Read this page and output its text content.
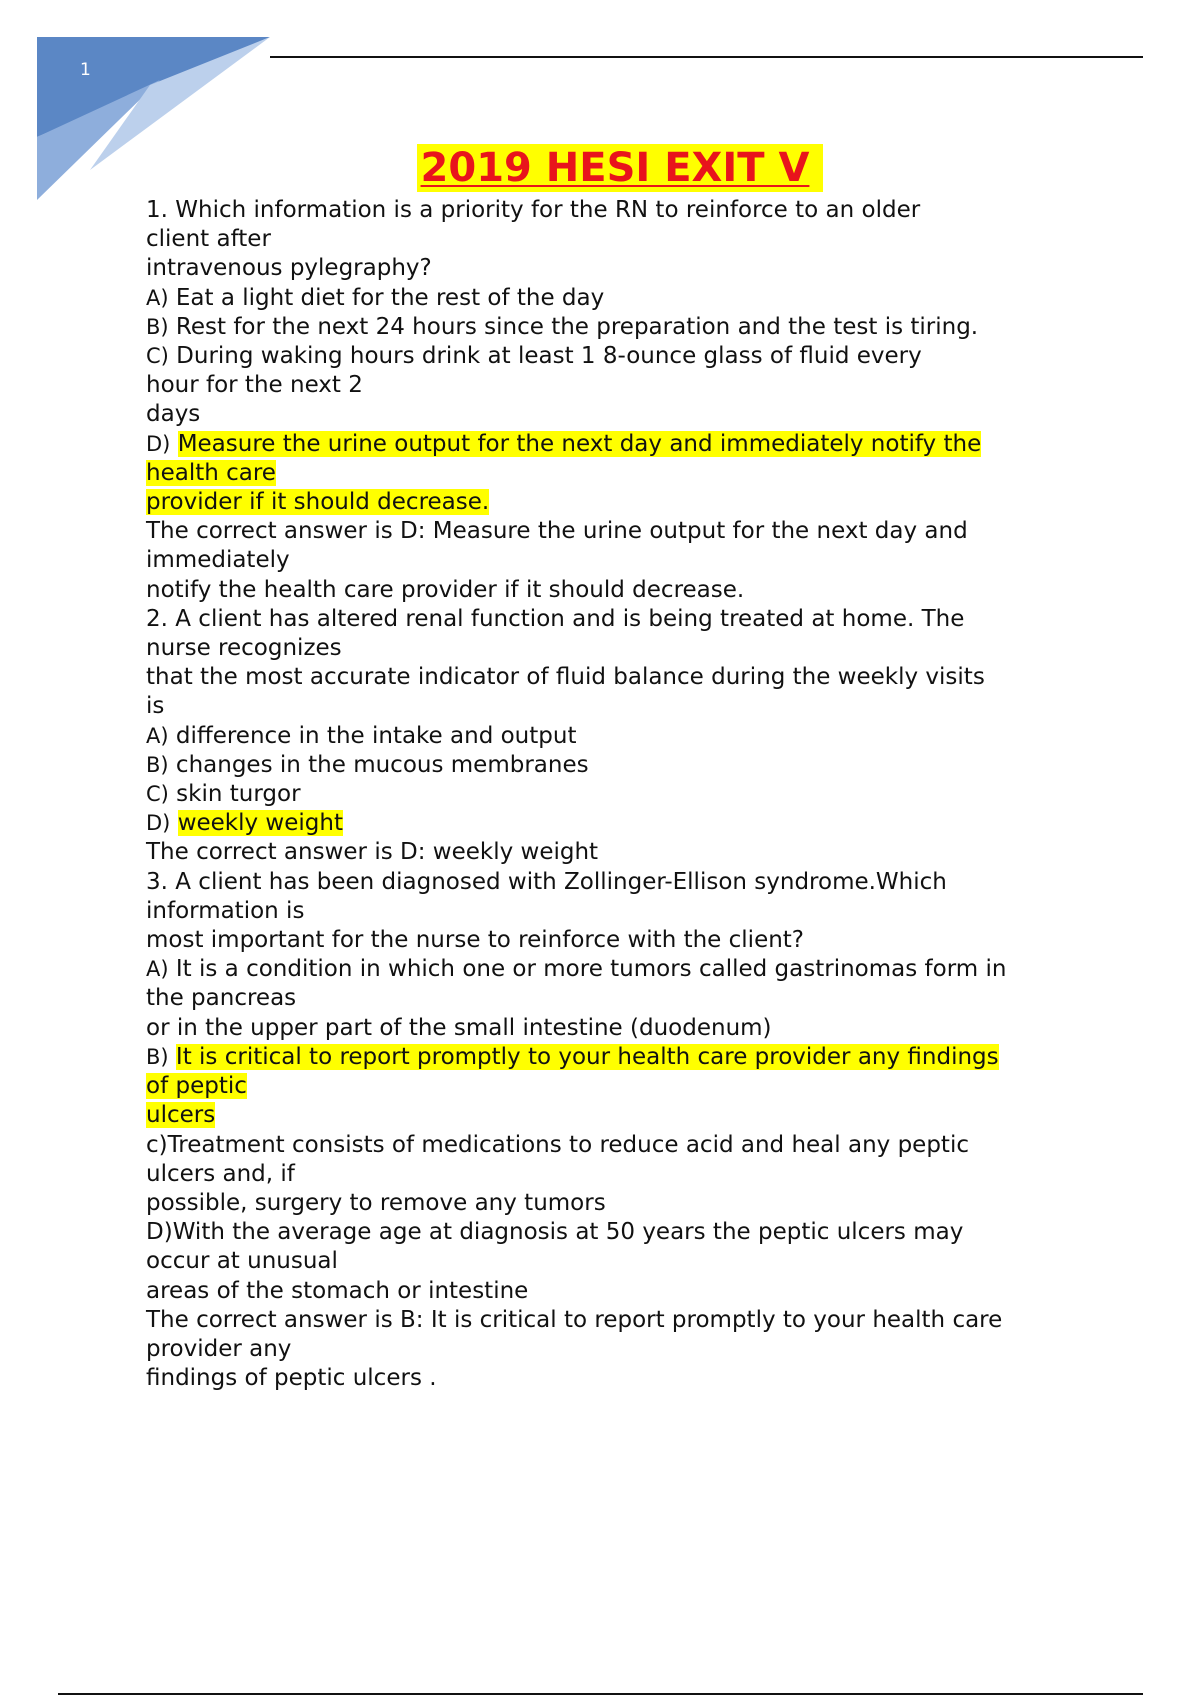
1
2019 HESI EXIT V
1. Which information is a priority for the RN to reinforce to an older
client after
intravenous pylegraphy?
A) Eat a light diet for the rest of the day
B) Rest for the next 24 hours since the preparation and the test is tiring.
C) During waking hours drink at least 1 8-ounce glass of fluid every
hour for the next 2
days
D) Measure the urine output for the next day and immediately notify the
health care
provider if it should decrease.
The correct answer is D: Measure the urine output for the next day and
immediately
notify the health care provider if it should decrease.
2. A client has altered renal function and is being treated at home. The
nurse recognizes
that the most accurate indicator of fluid balance during the weekly visits
is
A) difference in the intake and output
B) changes in the mucous membranes
C) skin turgor
D) weekly weight
The correct answer is D: weekly weight
3. A client has been diagnosed with Zollinger-Ellison syndrome.Which
information is
most important for the nurse to reinforce with the client?
A) It is a condition in which one or more tumors called gastrinomas form in
the pancreas
or in the upper part of the small intestine (duodenum)
B) It is critical to report promptly to your health care provider any findings
of peptic
ulcers
c)Treatment consists of medications to reduce acid and heal any peptic
ulcers and, if
possible, surgery to remove any tumors
D)With the average age at diagnosis at 50 years the peptic ulcers may
occur at unusual
areas of the stomach or intestine
The correct answer is B: It is critical to report promptly to your health care
provider any
findings of peptic ulcers .
